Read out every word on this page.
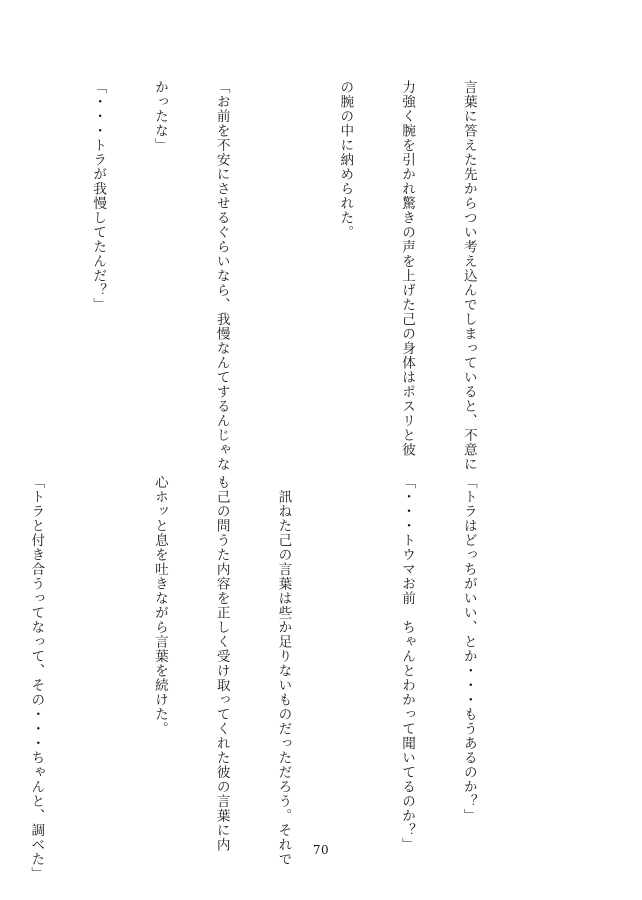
言葉に答えた先からつい考え込んでしまっていると、不意に

力強く腕を引かれ驚きの声を上げた己の身体はポスリと彼

の腕の中に納められた。

「お前を不安にさせるぐらいなら、我慢なんてするんじゃな

かったな」

「・・・トラが我慢してたんだ？」

「トラはどっちがいい、とか・・・もうあるのか？」

「・・・トウマお前　ちゃんとわかって聞いてるのか？」

　訊ねた己の言葉は些か足りないものだっただろう。それで

も己の問うた内容を正しく受け取ってくれた彼の言葉に内

心ホッと息を吐きながら言葉を続けた。

「トラと付き合うってなって、その・・・ちゃんと、調べた」

	70
